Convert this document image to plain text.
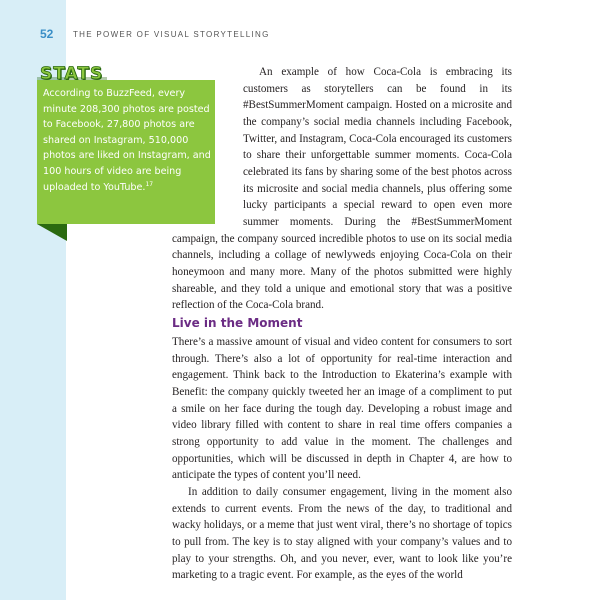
52 THE POWER OF VISUAL STORYTELLING
STATS
According to BuzzFeed, every minute 208,300 photos are posted to Facebook, 27,800 photos are shared on Instagram, 510,000 photos are liked on Instagram, and 100 hours of video are being uploaded to YouTube.$^{17}$

An example of how Coca-Cola is embracing its customers as storytellers can be found in its #BestSummerMoment campaign. Hosted on a microsite and the company’s social media channels including Facebook, Twitter, and Instagram, Coca-Cola encouraged its customers to share their unforgettable summer moments. Coca-Cola celebrated its fans by sharing some of the best photos across its microsite and social media channels, plus offering some lucky participants a special reward to open even more summer moments. During the #BestSummerMoment campaign, the company sourced incredible photos to use on its social media channels, including a collage of newlyweds enjoying Coca-Cola on their honeymoon and many more. Many of the photos submitted were highly shareable, and they told a unique and emotional story that was a positive reflection of the Coca-Cola brand.

Live in the Moment

There’s a massive amount of visual and video content for consumers to sort through. There’s also a lot of opportunity for real-time interaction and engagement. Think back to the Introduction to Ekaterina’s example with Benefit: the company quickly tweeted her an image of a compliment to put a smile on her face during the tough day. Developing a robust image and video library filled with content to share in real time offers companies a strong opportunity to add value in the moment. The challenges and opportunities, which will be discussed in depth in Chapter 4, are how to anticipate the types of content you’ll need.

In addition to daily consumer engagement, living in the moment also extends to current events. From the news of the day, to traditional and wacky holidays, or a meme that just went viral, there’s no shortage of topics to pull from. The key is to stay aligned with your company’s values and to play to your strengths. Oh, and you never, ever, want to look like you’re marketing to a tragic event. For example, as the eyes of the world
